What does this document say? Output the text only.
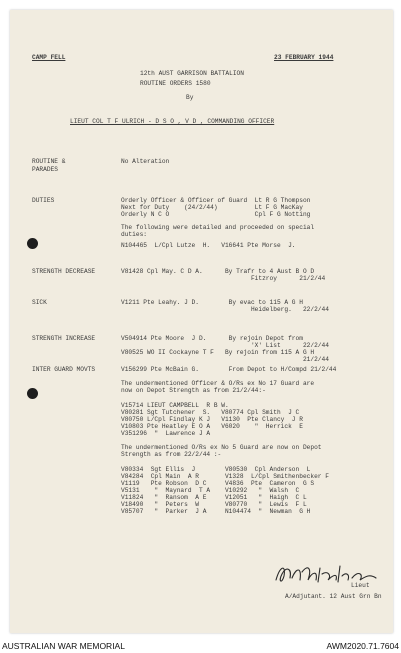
CAMP FELL	23 FEBRUARY 1944
12th AUST GARRISON BATTALION
ROUTINE ORDERS 1580
By
LIEUT COL T F ULRICH - D S O , V D , COMMANDING OFFICER
ROUTINE &
PARADES
No Alteration
DUTIES	Orderly Officer & Officer of Guard  Lt R G Thompson
Next for Duty    (24/2/44)          Lt F G MacKay
Orderly N C O                       Cpl F G Notting
The following were detailed and proceeded on special
duties:
N104465  L/Cpl Lutze  H.   V16641 Pte Morse  J.
STRENGTH DECREASE	V81428 Cpl May. C D A.      By Trafr to 4 Aust B O D
Fitzroy      21/2/44
SICK	V1211 Pte Leahy. J D.        By evac to 115 A G H
Heidelberg.   22/2/44
STRENGTH INCREASE	V504914 Pte Moore  J D.      By rejoin Depot from
'X' List      22/2/44
V80525 WO II Cockayne T F   By rejoin from 115 A G H
21/2/44
INTER GUARD MOVTS	V156299 Pte McBain G.        From Depot to H/Compd 21/2/44
The undermentioned Officer & O/Rs ex No 17 Guard are
now on Depot Strength as from 21/2/44:-
V15714 LIEUT CAMPBELL  R B W.
V80281 Sgt Tutchener  S.   V80774 Cpl Smith  J C
V80750 L/Cpl Findlay K J   V1130  Pte Clancy  J R
V10803 Pte Heatley E O A   V6020    "  Herrick  E
V351296  "  Lawrence J A
The undermentioned O/Rs ex No 5 Guard are now on Depot
Strength as from 22/2/44 :-
V80334  Sgt Ellis  J        V80530  Cpl Anderson  L
V84284  Cpl Main  A R       V1328  L/Cpl Smithenbecker F
V1119   Pte Robson  D C     V4836  Pte  Cameron  G S
V5131    "  Maynard  T A    V10292   "  Walsh  C
V11824   "  Ransom  A E     V12051   "  Haigh  C L
V18490   "  Peters  W       V80770   "  Lewis  F L
V85707   "  Parker  J A     N104474  "  Newman  G H
Lieut
A/Adjutant. 12 Aust Grn Bn
AUSTRALIAN WAR MEMORIAL	AWM2020.71.7604
